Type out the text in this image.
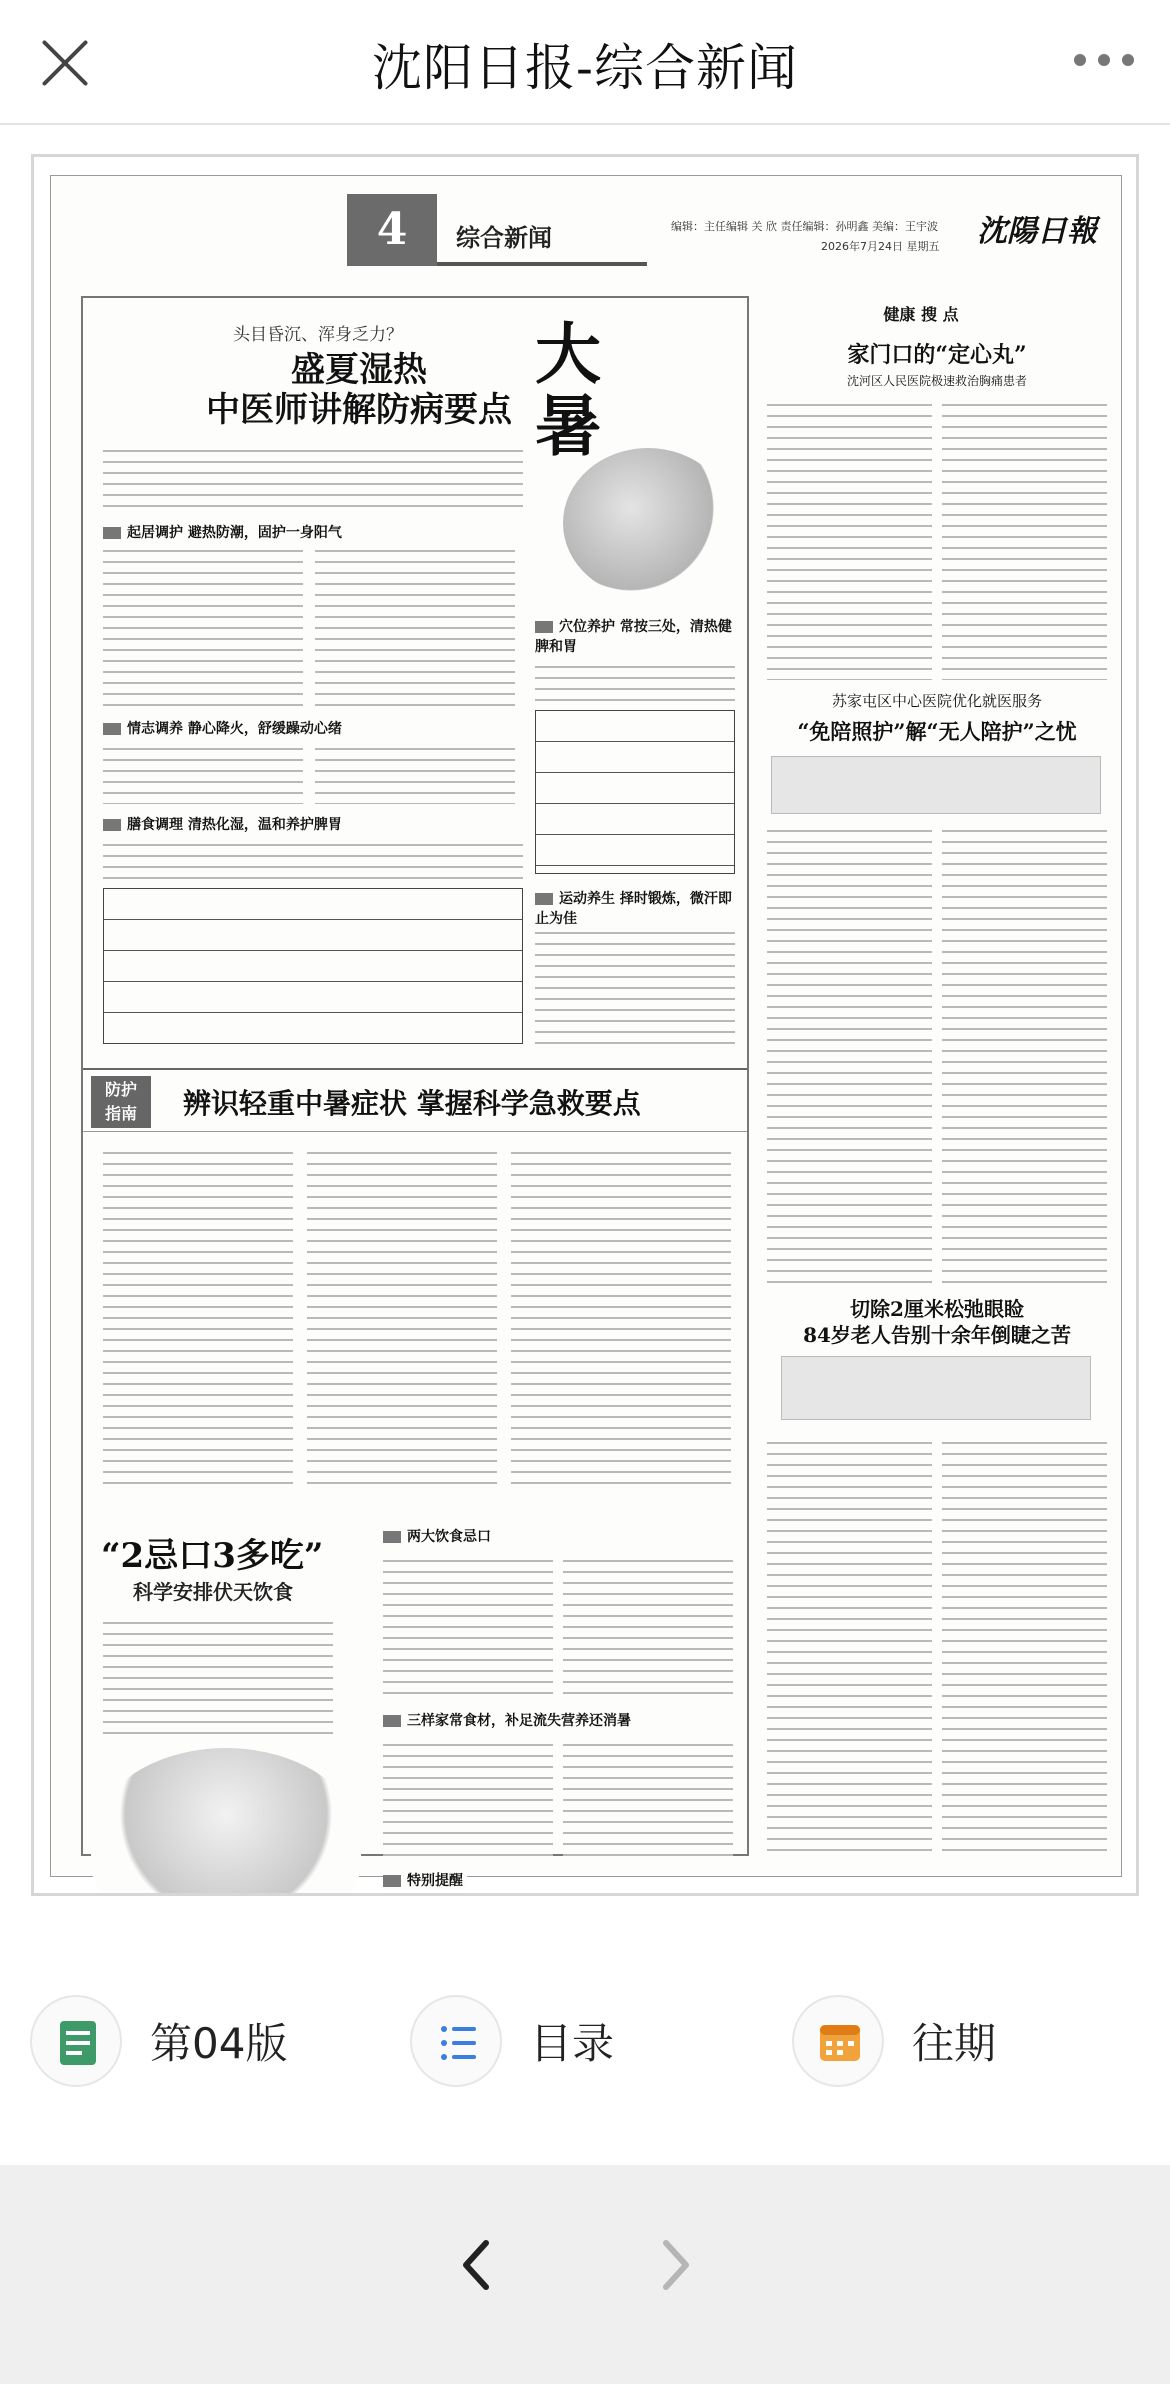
沈阳日报-综合新闻
4	综合新闻	编辑：主任编辑 关 欣 责任编辑：孙明鑫 美编：王宇波
2026年7月24日 星期五 沈陽日報
头目昏沉、浑身乏力？
盛夏湿热
中医师讲解防病要点
大暑
起居调护 避热防潮，固护一身阳气
情志调养 静心降火，舒缓躁动心绪
膳食调理 清热化湿，温和养护脾胃
穴位养护 常按三处，清热健脾和胃
运动养生 择时锻炼，微汗即止为佳
防护
指南	辨识轻重中暑症状 掌握科学急救要点
“2忌口3多吃”
科学安排伏天饮食
两大饮食忌口
三样家常食材，补足流失营养还消暑
特别提醒
健康 搜 点
家门口的“定心丸”
沈河区人民医院极速救治胸痛患者
苏家屯区中心医院优化就医服务
“免陪照护”解“无人陪护”之忧
切除2厘米松弛眼睑
84岁老人告别十余年倒睫之苦
第04版	目录	往期
